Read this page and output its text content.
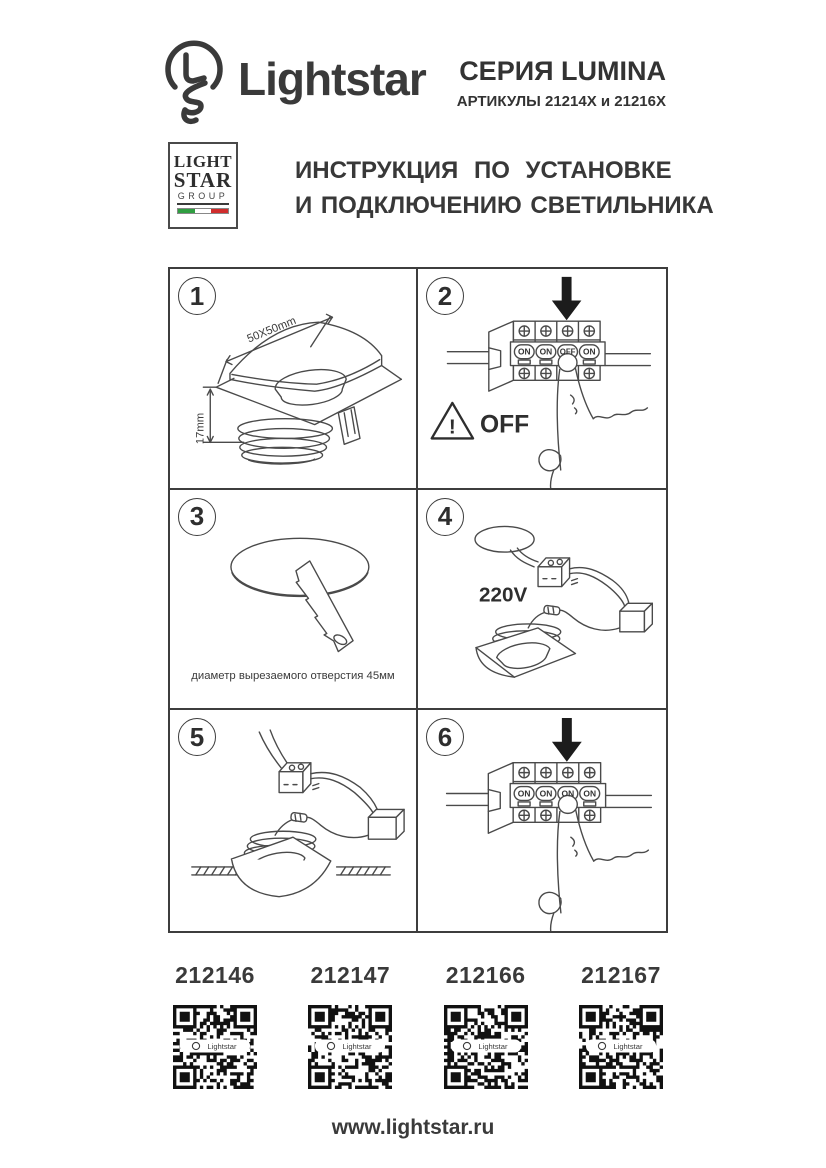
Lightstar СЕРИЯ LUMINA
АРТИКУЛЫ 21214X и 21216X
LIGHT
STAR
GROUP
ИНСТРУКЦИЯ ПО УСТАНОВКЕ
И ПОДКЛЮЧЕНИЮ СВЕТИЛЬНИКА
1
50X50mm
17mm
2
ON ON OFF ON
! OFF
3
диаметр вырезаемого отверстия 45мм
4
220V
5	6
ON ON ON ON
212146
Lightstar
212147
Lightstar
212166
Lightstar
212167
Lightstar
www.lightstar.ru
